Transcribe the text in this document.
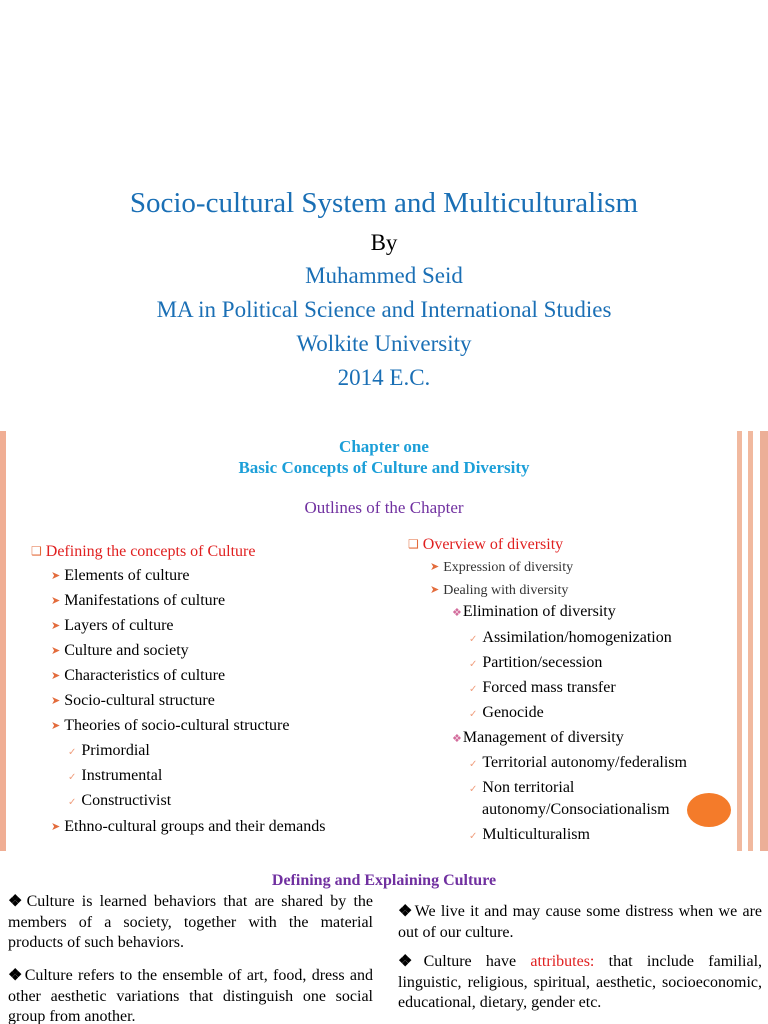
Socio-cultural System and Multiculturalism
By
Muhammed Seid
MA in Political Science and International Studies
Wolkite University
2014 E.C.
Chapter one
Basic Concepts of Culture and Diversity
Outlines of the Chapter
❑ Defining the concepts of Culture
➤ Elements of culture
➤ Manifestations of culture
➤ Layers of culture
➤ Culture and society
➤ Characteristics of culture
➤ Socio-cultural structure
➤ Theories of socio-cultural structure
✓ Primordial
✓ Instrumental
✓ Constructivist
➤ Ethno-cultural groups and their demands
❑ Overview of diversity
➤ Expression of diversity
➤ Dealing with diversity
❖Elimination of diversity
✓ Assimilation/homogenization
✓ Partition/secession
✓ Forced mass transfer
✓ Genocide
❖Management of diversity
✓ Territorial autonomy/federalism
✓ Non territorial
autonomy/Consociationalism
✓ Multiculturalism
Defining and Explaining Culture
❖Culture is learned behaviors that are shared by the members of a society, together with the material products of such behaviors.
❖Culture refers to the ensemble of art, food, dress and other aesthetic variations that distinguish one social group from another.
❖We live it and may cause some distress when we are out of our culture.
❖Culture have attributes: that include familial, linguistic, religious, spiritual, aesthetic, socioeconomic, educational, dietary, gender etc.
